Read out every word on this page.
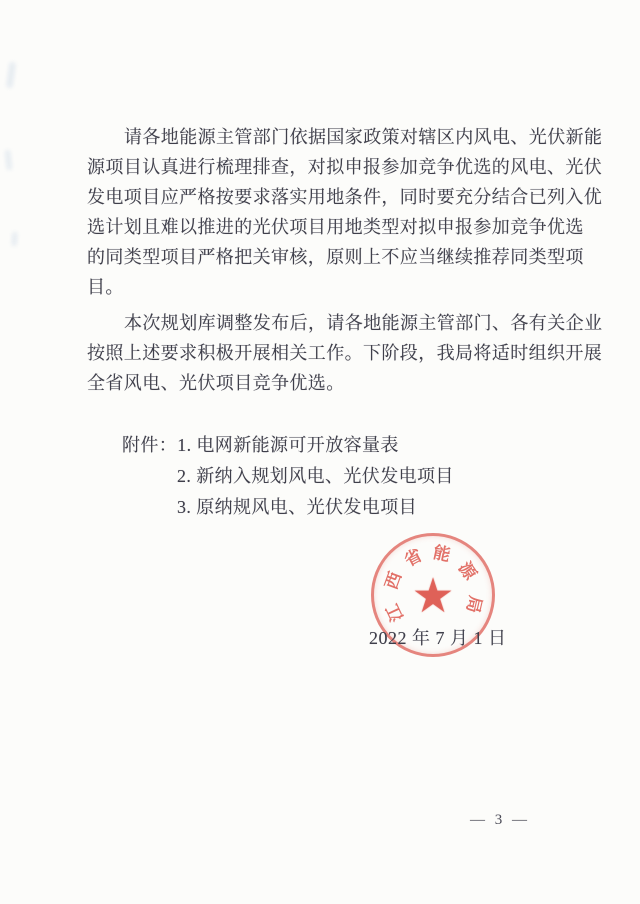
请各地能源主管部门依据国家政策对辖区内风电、光伏新能
源项目认真进行梳理排查，对拟申报参加竞争优选的风电、光伏
发电项目应严格按要求落实用地条件，同时要充分结合已列入优
选计划且难以推进的光伏项目用地类型对拟申报参加竞争优选
的同类型项目严格把关审核，原则上不应当继续推荐同类型项
目。
本次规划库调整发布后，请各地能源主管部门、各有关企业
按照上述要求积极开展相关工作。下阶段，我局将适时组织开展
全省风电、光伏项目竞争优选。
附件： 1. 电网新能源可开放容量表
2. 新纳入规划风电、光伏发电项目
3. 原纳规风电、光伏发电项目
★
江
西
省 能
源
局
2022 年 7 月 1 日
— 3 —
